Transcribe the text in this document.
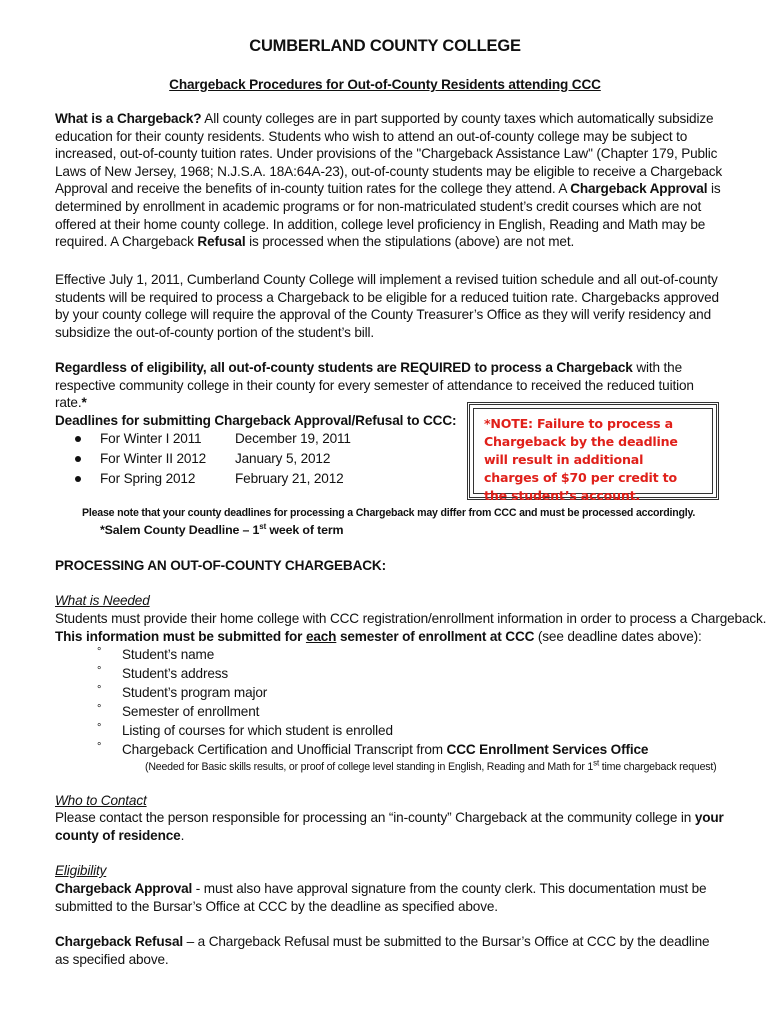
CUMBERLAND COUNTY COLLEGE
Chargeback Procedures for Out-of-County Residents attending CCC
What is a Chargeback? All county colleges are in part supported by county taxes which automatically subsidize education for their county residents. Students who wish to attend an out-of-county college may be subject to increased, out-of-county tuition rates. Under provisions of the "Chargeback Assistance Law" (Chapter 179, Public Laws of New Jersey, 1968; N.J.S.A. 18A:64A-23), out-of-county students may be eligible to receive a Chargeback Approval and receive the benefits of in-county tuition rates for the college they attend. A Chargeback Approval is determined by enrollment in academic programs or for non-matriculated student’s credit courses which are not offered at their home county college. In addition, college level proficiency in English, Reading and Math may be required. A Chargeback Refusal is processed when the stipulations (above) are not met.
Effective July 1, 2011, Cumberland County College will implement a revised tuition schedule and all out-of-county students will be required to process a Chargeback to be eligible for a reduced tuition rate. Chargebacks approved by your county college will require the approval of the County Treasurer’s Office as they will verify residency and subsidize the out-of-county portion of the student’s bill.
Regardless of eligibility, all out-of-county students are REQUIRED to process a Chargeback with the respective community college in their county for every semester of attendance to received the reduced tuition rate.*
Deadlines for submitting Chargeback Approval/Refusal to CCC:
For Winter I 2011 December 19, 2011
For Winter II 2012 January 5, 2012
For Spring 2012	February 21, 2012
*NOTE: Failure to process a Chargeback by the deadline will result in additional charges of $70 per credit to the student’s account.
Please note that your county deadlines for processing a Chargeback may differ from CCC and must be processed accordingly.
*Salem County Deadline – 1st week of term
PROCESSING AN OUT-OF-COUNTY CHARGEBACK:
What is Needed
Students must provide their home college with CCC registration/enrollment information in order to process a Chargeback.
This information must be submitted for each semester of enrollment at CCC (see deadline dates above):
° Student’s name
° Student’s address
° Student’s program major
° Semester of enrollment
° Listing of courses for which student is enrolled
° Chargeback Certification and Unofficial Transcript from CCC Enrollment Services Office
(Needed for Basic skills results, or proof of college level standing in English, Reading and Math for 1st time chargeback request)
Who to Contact
Please contact the person responsible for processing an “in-county” Chargeback at the community college in your county of residence.
Eligibility
Chargeback Approval - must also have approval signature from the county clerk. This documentation must be submitted to the Bursar’s Office at CCC by the deadline as specified above.
Chargeback Refusal – a Chargeback Refusal must be submitted to the Bursar’s Office at CCC by the deadline as specified above.
